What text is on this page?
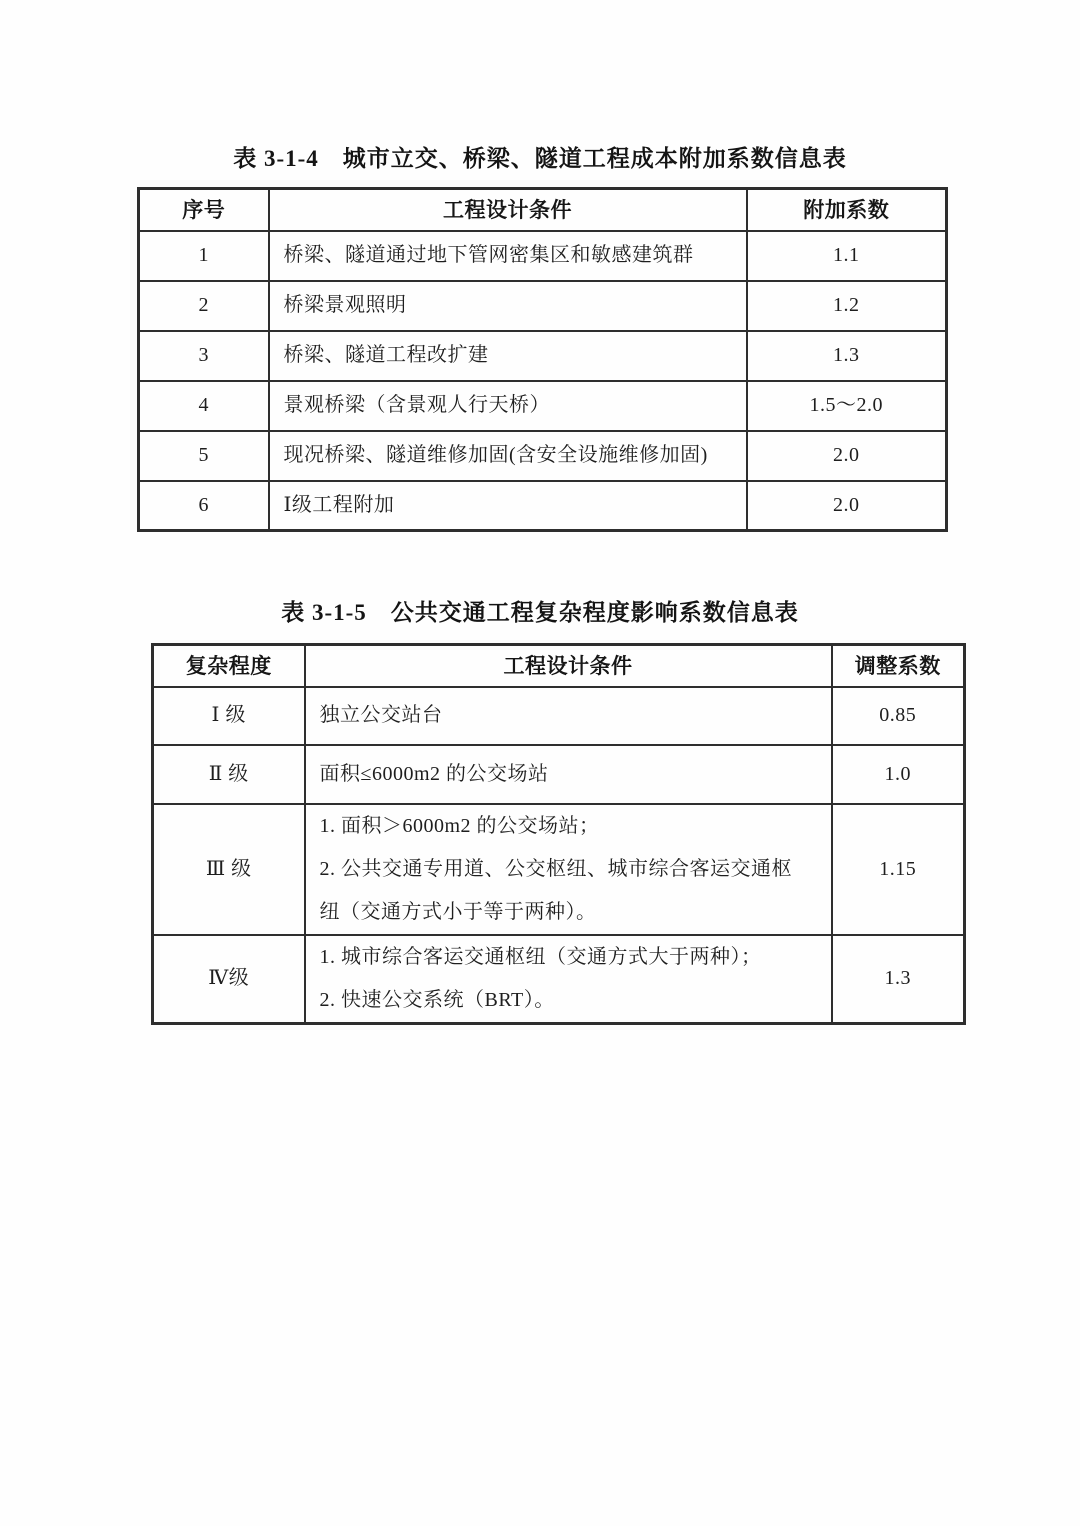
表 3-1-4　城市立交、桥梁、隧道工程成本附加系数信息表
序号	工程设计条件	附加系数
1	桥梁、隧道通过地下管网密集区和敏感建筑群	1.1
2	桥梁景观照明	1.2
3	桥梁、隧道工程改扩建	1.3
4	景观桥梁（含景观人行天桥）	1.5～2.0
5	现况桥梁、隧道维修加固(含安全设施维修加固)	2.0
6	Ⅰ级工程附加	2.0
表 3-1-5　公共交通工程复杂程度影响系数信息表
复杂程度	工程设计条件	调整系数
Ⅰ 级	独立公交站台	0.85
Ⅱ 级	面积≤6000m2 的公交场站	1.0
Ⅲ 级	1. 面积＞6000m2 的公交场站；
2. 公共交通专用道、公交枢纽、城市综合客运交通枢
纽（交通方式小于等于两种）。	1.15
Ⅳ级	1. 城市综合客运交通枢纽（交通方式大于两种）；
2. 快速公交系统（BRT）。	1.3
